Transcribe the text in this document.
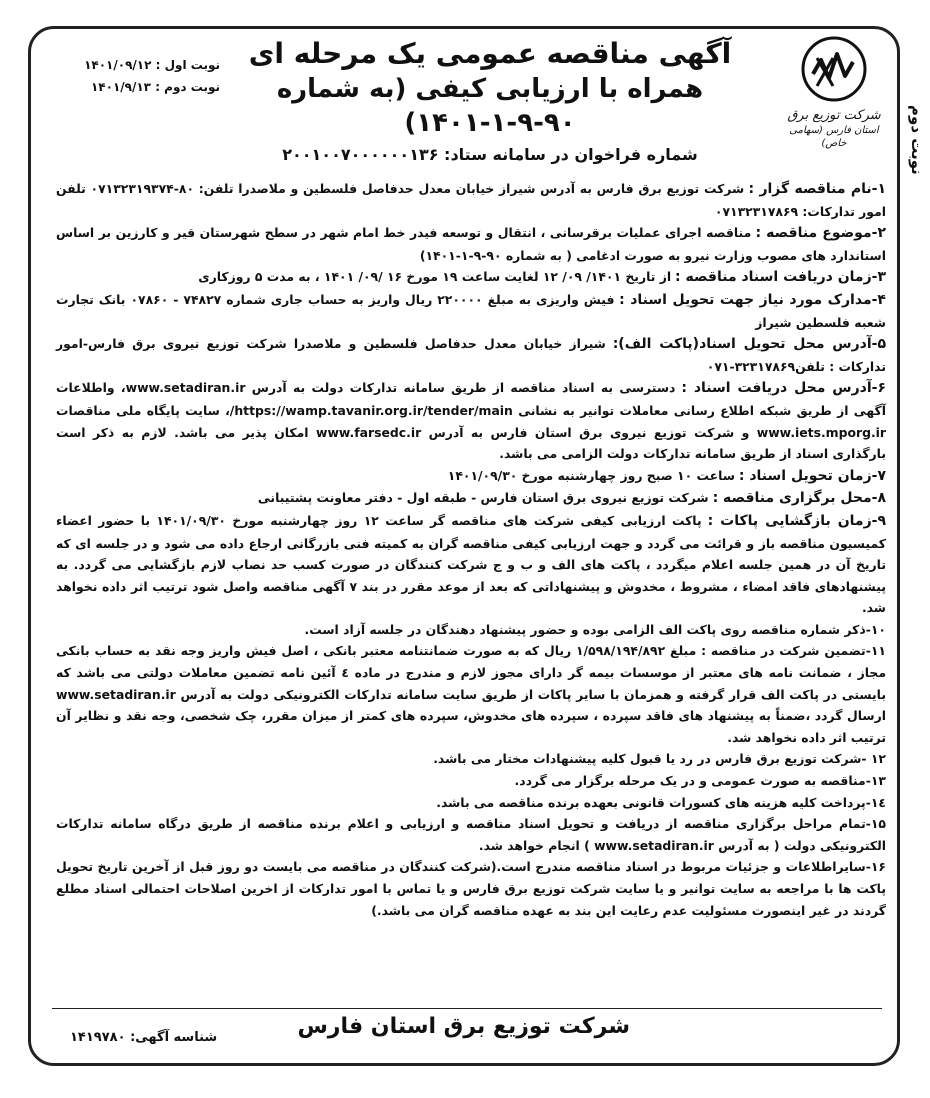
نوبت دوم
شرکت توزیع برق
استان فارس (سهامی خاص)
آگهی مناقصه عمومی یک مرحله ای
همراه با ارزیابی کیفی (به شماره ۹۰-۹-۱-۱۴۰۱)
شماره فراخوان در سامانه ستاد: ۲۰۰۱۰۰۷۰۰۰۰۰۰۱۳۶
نوبت اول : ۱۴۰۱/۰۹/۱۲
نوبت دوم : ۱۴۰۱/۹/۱۳

۱-نام مناقصه گزار : شرکت توزیع برق فارس به آدرس شیراز خیابان معدل حدفاصل فلسطین و ملاصدرا تلفن: ۸۰-۰۷۱۳۲۳۱۹۳۷۴ تلفن امور تدارکات: ۰۷۱۳۲۳۱۷۸۶۹

۲-موضوع مناقصه : مناقصه اجرای عملیات برقرسانی ، انتقال و توسعه فیدر خط امام شهر در سطح شهرستان قیر و کارزین بر اساس استاندارد های مصوب وزارت نیرو به صورت ادغامی ( به شماره ۹۰-۹-۱-۱۴۰۱)

۳-زمان دریافت اسناد مناقصه : از تاریخ ۱۴۰۱/ ۰۹/ ۱۲ لغایت ساعت ۱۹ مورخ ۱۶ /۰۹/ ۱۴۰۱ ، به مدت ۵ روزکاری

۴-مدارک مورد نیاز جهت تحویل اسناد : فیش واریزی به مبلغ ۲۲۰۰۰۰ ریال واریز به حساب جاری شماره ۷۴۸۲۷ - ۰۷۸۶۰ بانک تجارت شعبه فلسطین شیراز

۵-آدرس محل تحویل اسناد(پاکت الف): شیراز خیابان معدل حدفاصل فلسطین و ملاصدرا شرکت توزیع نیروی برق فارس-امور تدارکات : تلفن۳۲۳۱۷۸۶۹-۰۷۱

۶-آدرس محل دریافت اسناد : دسترسی به اسناد مناقصه از طریق سامانه تدارکات دولت به آدرس www.setadiran.ir، واطلاعات آگهی از طریق شبکه اطلاع رسانی معاملات توانیر به نشانی https://wamp.tavanir.org.ir/tender/main/، سایت پایگاه ملی مناقصات www.iets.mporg.ir و شرکت توزیع نیروی برق استان فارس به آدرس www.farsedc.ir امکان پذیر می باشد. لازم به ذکر است بارگذاری اسناد از طریق سامانه تدارکات دولت الزامی می باشد.

۷-زمان تحویل اسناد : ساعت ۱۰ صبح روز چهارشنبه مورخ ۱۴۰۱/۰۹/۳۰

۸-محل برگزاری مناقصه : شرکت توزیع نیروی برق استان فارس - طبقه اول - دفتر معاونت پشتیبانی

۹-زمان بازگشایی پاکات : پاکت ارزیابی کیفی شرکت های مناقصه گر ساعت ۱۲ روز چهارشنبه مورخ ۱۴۰۱/۰۹/۳۰ با حضور اعضاء کمیسیون مناقصه باز و قرائت می گردد و جهت ارزیابی کیفی مناقصه گران به کمیته فنی بازرگانی ارجاع داده می شود و در جلسه ای که تاریخ آن در همین جلسه اعلام میگردد ، پاکت های الف و ب و ج شرکت کنندگان در صورت کسب حد نصاب لازم بازگشایی می گردد. به پیشنهادهای فاقد امضاء ، مشروط ، مخدوش و پیشنهاداتی که بعد از موعد مقرر در بند ۷ آگهی مناقصه واصل شود ترتیب اثر داده نخواهد شد.

۱۰-ذکر شماره مناقصه روی پاکت الف الزامی بوده و حضور پیشنهاد دهندگان در جلسه آزاد است.

۱۱-تضمین شرکت در مناقصه : مبلغ ۱/۵۹۸/۱۹۴/۸۹۲ ریال که به صورت ضمانتنامه معتبر بانکی ، اصل فیش واریز وجه نقد به حساب بانکی مجاز ، ضمانت نامه های معتبر از موسسات بیمه گر دارای مجوز لازم و مندرج در ماده ٤ آئین نامه تضمین معاملات دولتی می باشد که بایستی در پاکت الف قرار گرفته و همزمان با سایر پاکات از طریق سایت سامانه تدارکات الکترونیکی دولت به آدرس www.setadiran.ir ارسال گردد ،ضمناً به پیشنهاد های فاقد سپرده ، سپرده های مخدوش، سپرده های کمتر از میزان مقرر، چک شخصی، وجه نقد و نظایر آن ترتیب اثر داده نخواهد شد.

۱۲ -شرکت توزیع برق فارس در رد یا قبول کلیه پیشنهادات مختار می باشد.

۱۳-مناقصه به صورت عمومی و در یک مرحله برگزار می گردد.

۱٤-پرداخت کلیه هزینه های کسورات قانونی بعهده برنده مناقصه می باشد.

۱۵-تمام مراحل برگزاری مناقصه از دریافت و تحویل اسناد مناقصه و ارزیابی و اعلام برنده مناقصه از طریق درگاه سامانه تدارکات الکترونیکی دولت ( به آدرس www.setadiran.ir ) انجام خواهد شد.

۱۶-سایراطلاعات و جزئیات مربوط در اسناد مناقصه مندرج است.(شرکت کنندگان در مناقصه می بایست دو روز قبل از آخرین تاریخ تحویل پاکت ها با مراجعه به سایت توانیر و یا سایت شرکت توزیع برق فارس و یا تماس با امور تدارکات از اخرین اصلاحات احتمالی اسناد مطلع گردند در غیر اینصورت مسئولیت عدم رعایت این بند به عهده مناقصه گران می باشد.)

شرکت توزیع برق استان فارس
شناسه آگهی: ۱۴۱۹۷۸۰
